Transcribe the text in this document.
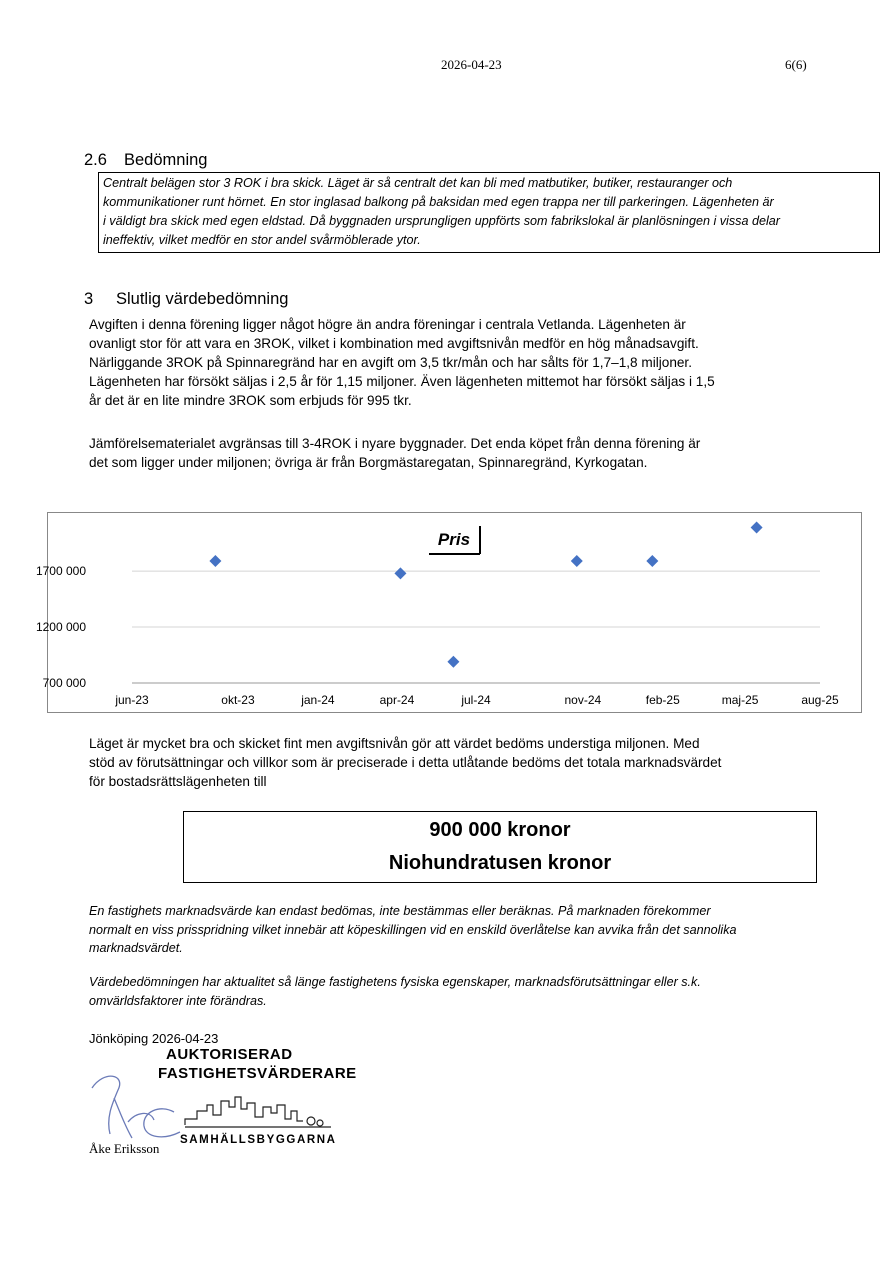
2026-04-23	6(6)
2.6 Bedömning
Centralt belägen stor 3 ROK i bra skick. Läget är så centralt det kan bli med matbutiker, butiker, restauranger och
kommunikationer runt hörnet. En stor inglasad balkong på baksidan med egen trappa ner till parkeringen. Lägenheten är
i väldigt bra skick med egen eldstad. Då byggnaden ursprungligen uppförts som fabrikslokal är planlösningen i vissa delar
ineffektiv, vilket medför en stor andel svårmöblerade ytor.
3 Slutlig värdebedömning

Avgiften i denna förening ligger något högre än andra föreningar i centrala Vetlanda. Lägenheten är

ovanligt stor för att vara en 3ROK, vilket i kombination med avgiftsnivån medför en hög månadsavgift.

Närliggande 3ROK på Spinnaregränd har en avgift om 3,5 tkr/mån och har sålts för 1,7–1,8 miljoner.

Lägenheten har försökt säljas i 2,5 år för 1,15 miljoner. Även lägenheten mittemot har försökt säljas i 1,5

år det är en lite mindre 3ROK som erbjuds för 995 tkr.

Jämförelsematerialet avgränsas till 3-4ROK i nyare byggnader. Det enda köpet från denna förening är

det som ligger under miljonen; övriga är från Borgmästaregatan, Spinnaregränd, Kyrkogatan.

700 000
1200 000
1700 000
jun-23	okt-23	jan-24	apr-24	jul-24	nov-24	feb-25	maj-25	aug-25
Pris
Läget är mycket bra och skicket fint men avgiftsnivån gör att värdet bedöms understiga miljonen. Med
stöd av förutsättningar och villkor som är preciserade i detta utlåtande bedöms det totala marknadsvärdet
för bostadsrättslägenheten till
900 000 kronor
Niohundratusen kronor
En fastighets marknadsvärde kan endast bedömas, inte bestämmas eller beräknas. På marknaden förekommer
normalt en viss prisspridning vilket innebär att köpeskillingen vid en enskild överlåtelse kan avvika från det sannolika
marknadsvärdet.
Värdebedömningen har aktualitet så länge fastighetens fysiska egenskaper, marknadsförutsättningar eller s.k.
omvärldsfaktorer inte förändras.
Jönköping 2026-04-23
AUKTORISERAD
FASTIGHETSVÄRDERARE
SAMHÄLLSBYGGARNA
Åke Eriksson
